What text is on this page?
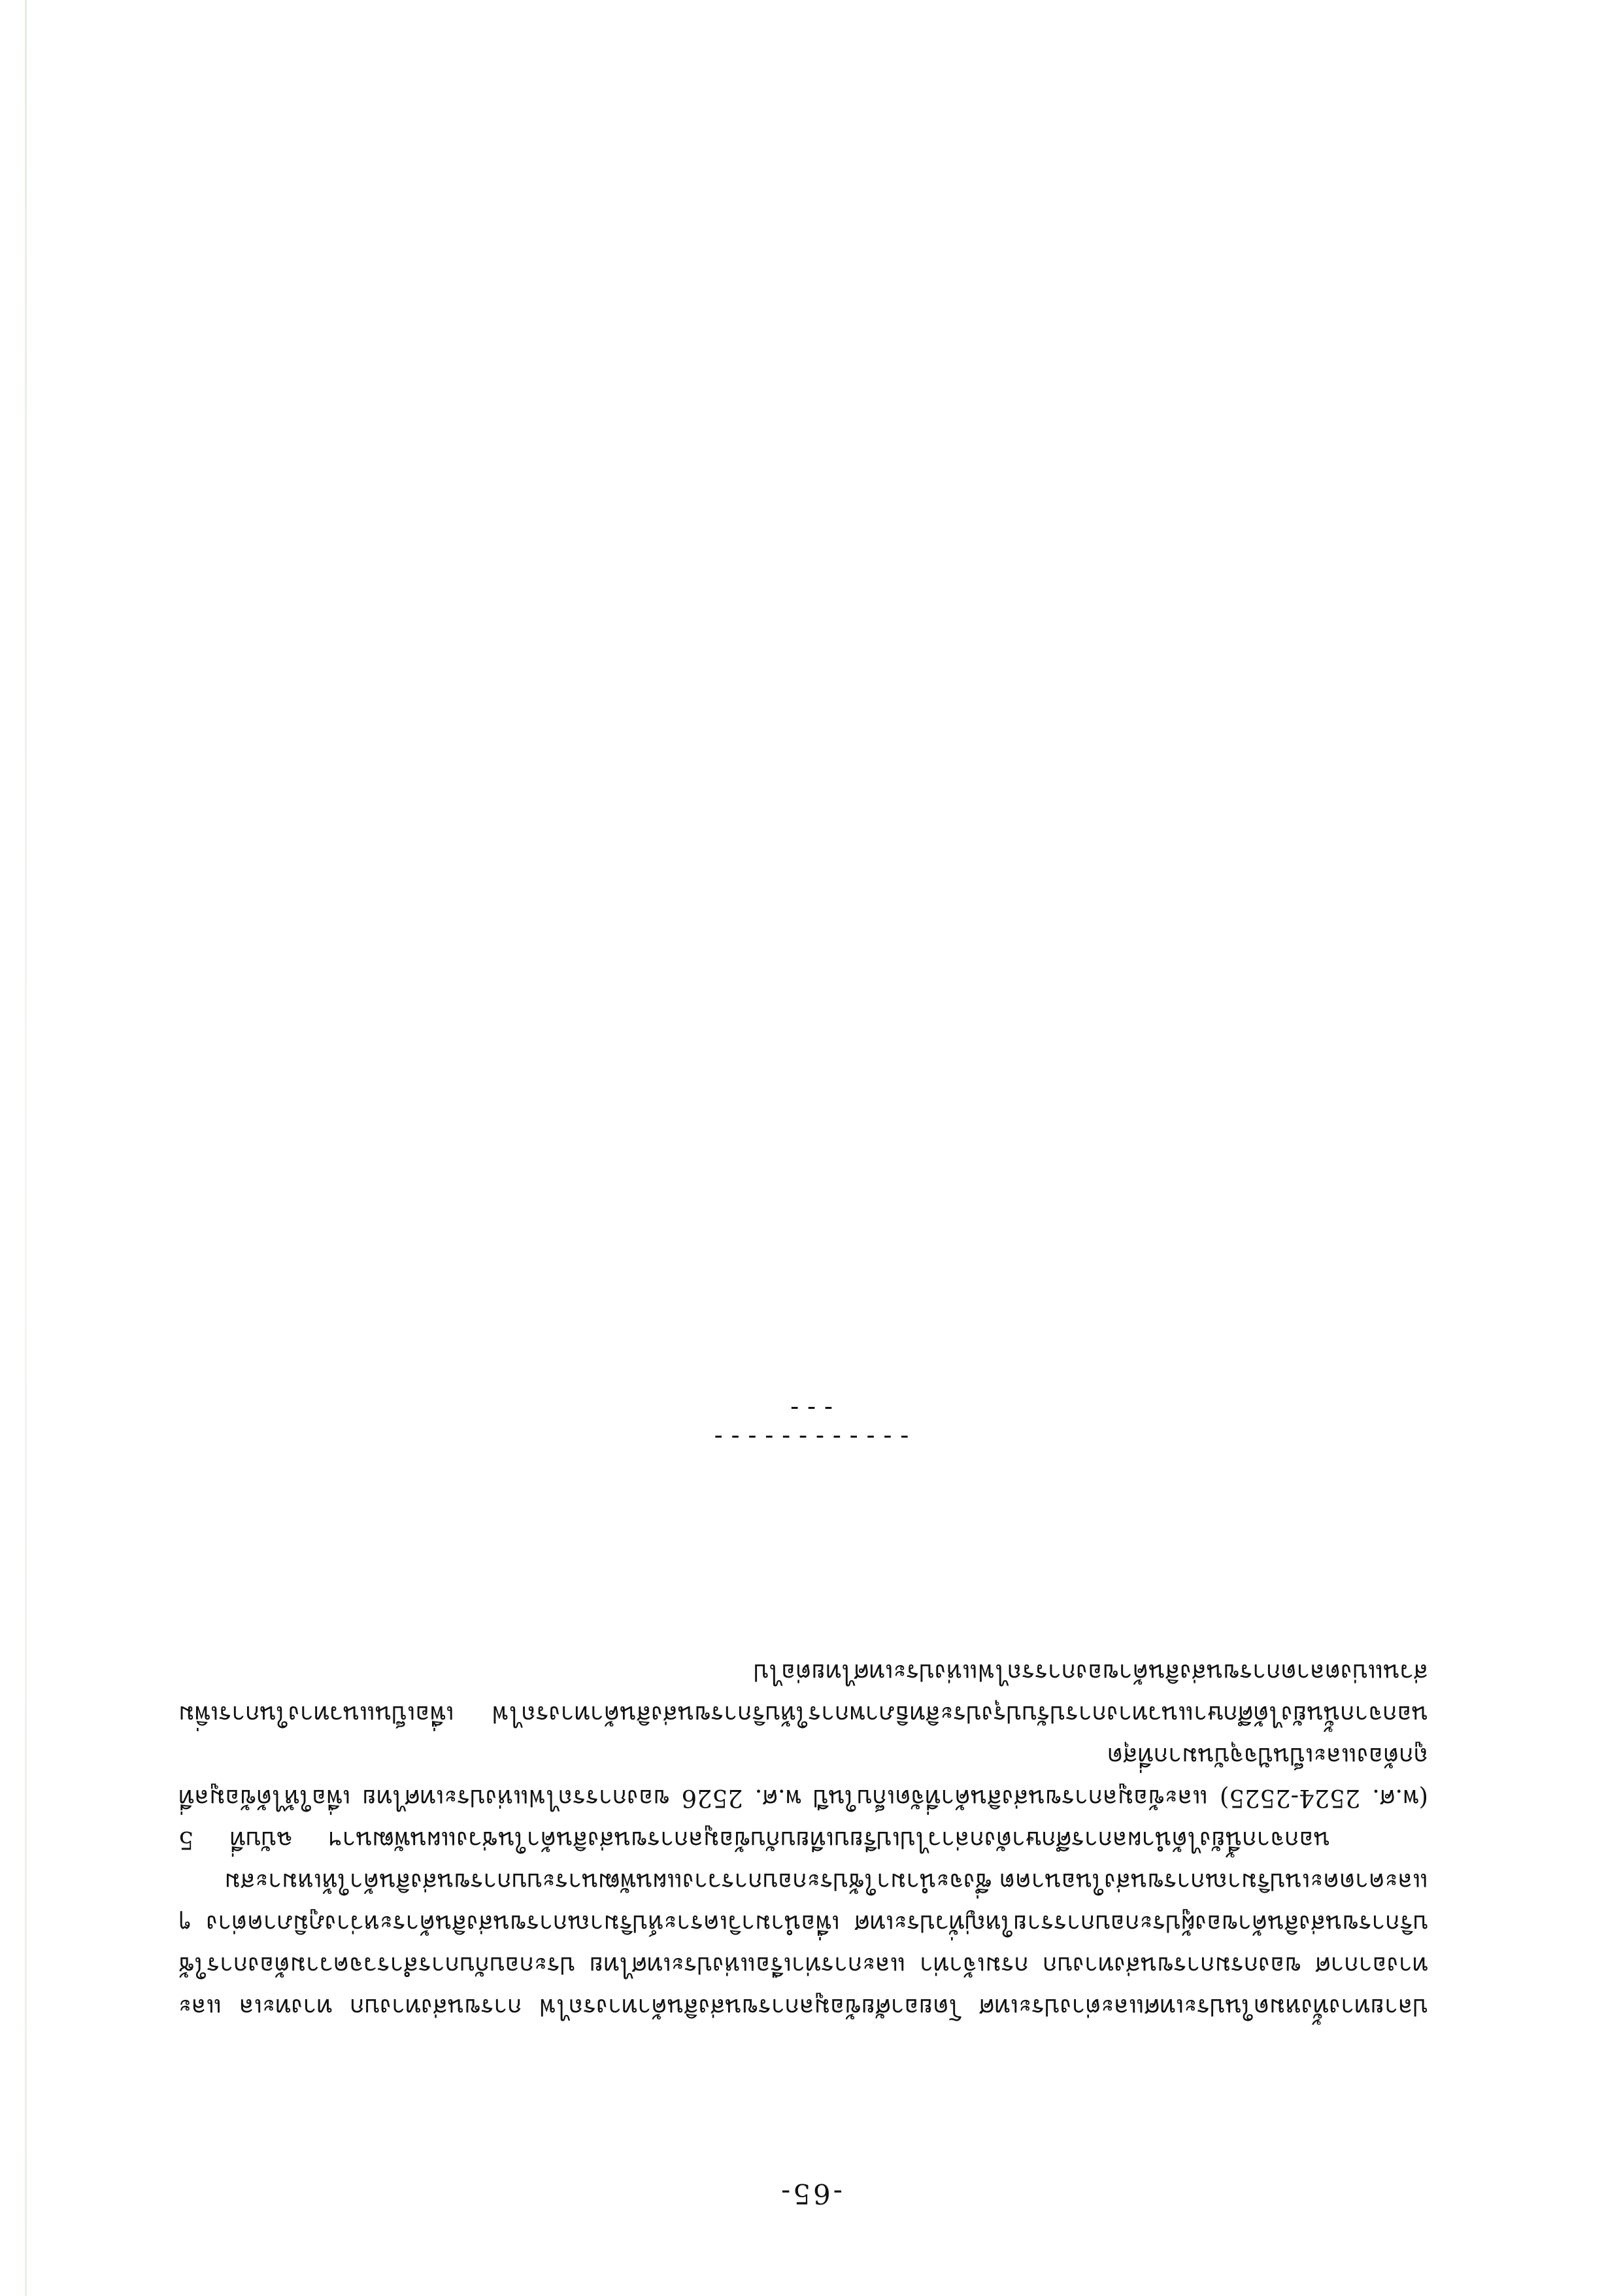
-65-

ปลายทางทั้งหมดในประเทศและต่างประเทศ โดยอาศัยข้อมูลการขนส่งสินค้าทางรถไฟ การขนส่งทางบก ทางทะเล และทางอากาศ ของกรมการขนส่งทางบก กรมเจ้าท่า และการท่าเรือแห่งประเทศไทย ประกอบกับการสำรวจความต้องการใช้บริการขนส่งสินค้าของผู้ประกอบการรายใหญ่ทั่วประเทศ เพื่อนำมาวิเคราะห์ปริมาณการขนส่งสินค้าระหว่างภูมิภาคต่าง ๆ และคาดคะเนปริมาณการขนส่งในอนาคต ซึ่งจะนำมาใช้ประกอบการวางแผนพัฒนาระบบการขนส่งสินค้าให้เหมาะสม

นอกจากนี้ยังได้นำผลการศึกษาดังกล่าวไปเปรียบเทียบกับข้อมูลการขนส่งสินค้าในช่วงแผนพัฒนาฯ ฉบับที่ 5 (พ.ศ. 2524-2525) และข้อมูลการขนส่งสินค้าที่จัดเก็บในปี พ.ศ. 2526 ของการรถไฟแห่งประเทศไทย เพื่อให้ได้ข้อมูลที่ถูกต้องและเป็นปัจจุบันมากที่สุด

นอกจากนั้นยังได้ศึกษาแนวทางการปรับปรุงประสิทธิภาพการให้บริการขนส่งสินค้าทางรถไฟ เพื่อเป็นแนวทางในการเพิ่มส่วนแบ่งตลาดการขนส่งสินค้าของการรถไฟแห่งประเทศไทยต่อไป

---------------
